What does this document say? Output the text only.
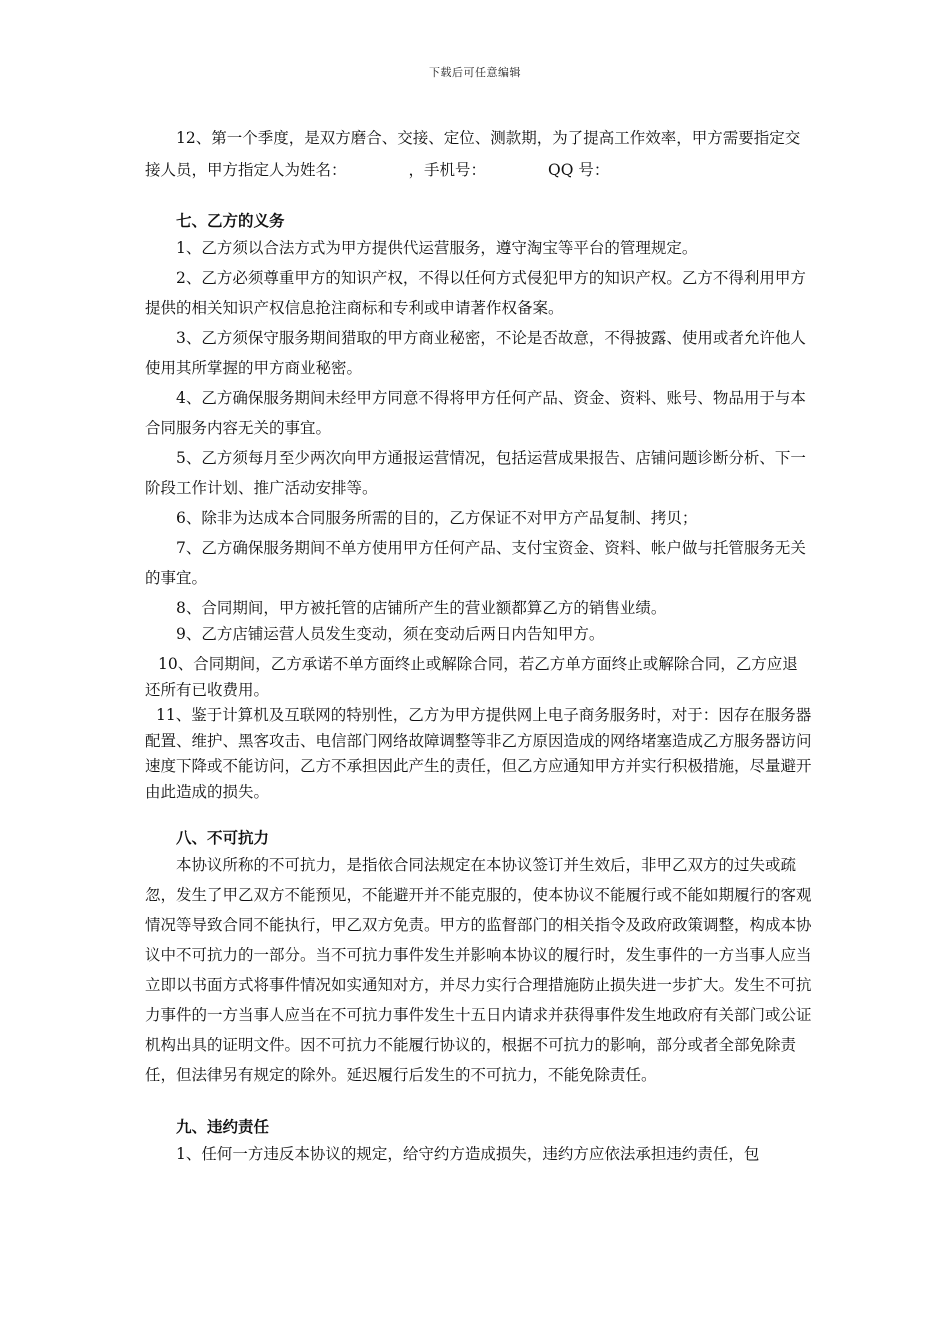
下载后可任意编辑

12、第一个季度，是双方磨合、交接、定位、测款期，为了提高工作效率，甲方需要指定交接人员，甲方指定人为姓名：	，手机号：	QQ 号：

七、乙方的义务

1、乙方须以合法方式为甲方提供代运营服务，遵守淘宝等平台的管理规定。

2、乙方必须尊重甲方的知识产权，不得以任何方式侵犯甲方的知识产权。乙方不得利用甲方提供的相关知识产权信息抢注商标和专利或申请著作权备案。

3、乙方须保守服务期间猎取的甲方商业秘密，不论是否故意，不得披露、使用或者允许他人使用其所掌握的甲方商业秘密。

4、乙方确保服务期间未经甲方同意不得将甲方任何产品、资金、资料、账号、物品用于与本合同服务内容无关的事宜。

5、乙方须每月至少两次向甲方通报运营情况，包括运营成果报告、店铺问题诊断分析、下一阶段工作计划、推广活动安排等。

6、除非为达成本合同服务所需的目的，乙方保证不对甲方产品复制、拷贝；

7、乙方确保服务期间不单方使用甲方任何产品、支付宝资金、资料、帐户做与托管服务无关的事宜。

8、合同期间，甲方被托管的店铺所产生的营业额都算乙方的销售业绩。

9、乙方店铺运营人员发生变动，须在变动后两日内告知甲方。

10、合同期间，乙方承诺不单方面终止或解除合同，若乙方单方面终止或解除合同，乙方应退还所有已收费用。

11、鉴于计算机及互联网的特别性，乙方为甲方提供网上电子商务服务时，对于：因存在服务器配置、维护、黑客攻击、电信部门网络故障调整等非乙方原因造成的网络堵塞造成乙方服务器访问速度下降或不能访问，乙方不承担因此产生的责任，但乙方应通知甲方并实行积极措施，尽量避开由此造成的损失。

八、不可抗力

本协议所称的不可抗力，是指依合同法规定在本协议签订并生效后，非甲乙双方的过失或疏忽，发生了甲乙双方不能预见，不能避开并不能克服的，使本协议不能履行或不能如期履行的客观情况等导致合同不能执行，甲乙双方免责。甲方的监督部门的相关指令及政府政策调整，构成本协议中不可抗力的一部分。当不可抗力事件发生并影响本协议的履行时，发生事件的一方当事人应当立即以书面方式将事件情况如实通知对方，并尽力实行合理措施防止损失进一步扩大。发生不可抗力事件的一方当事人应当在不可抗力事件发生十五日内请求并获得事件发生地政府有关部门或公证机构出具的证明文件。因不可抗力不能履行协议的，根据不可抗力的影响，部分或者全部免除责任，但法律另有规定的除外。延迟履行后发生的不可抗力，不能免除责任。

九、违约责任

1、任何一方违反本协议的规定，给守约方造成损失，违约方应依法承担违约责任，包
